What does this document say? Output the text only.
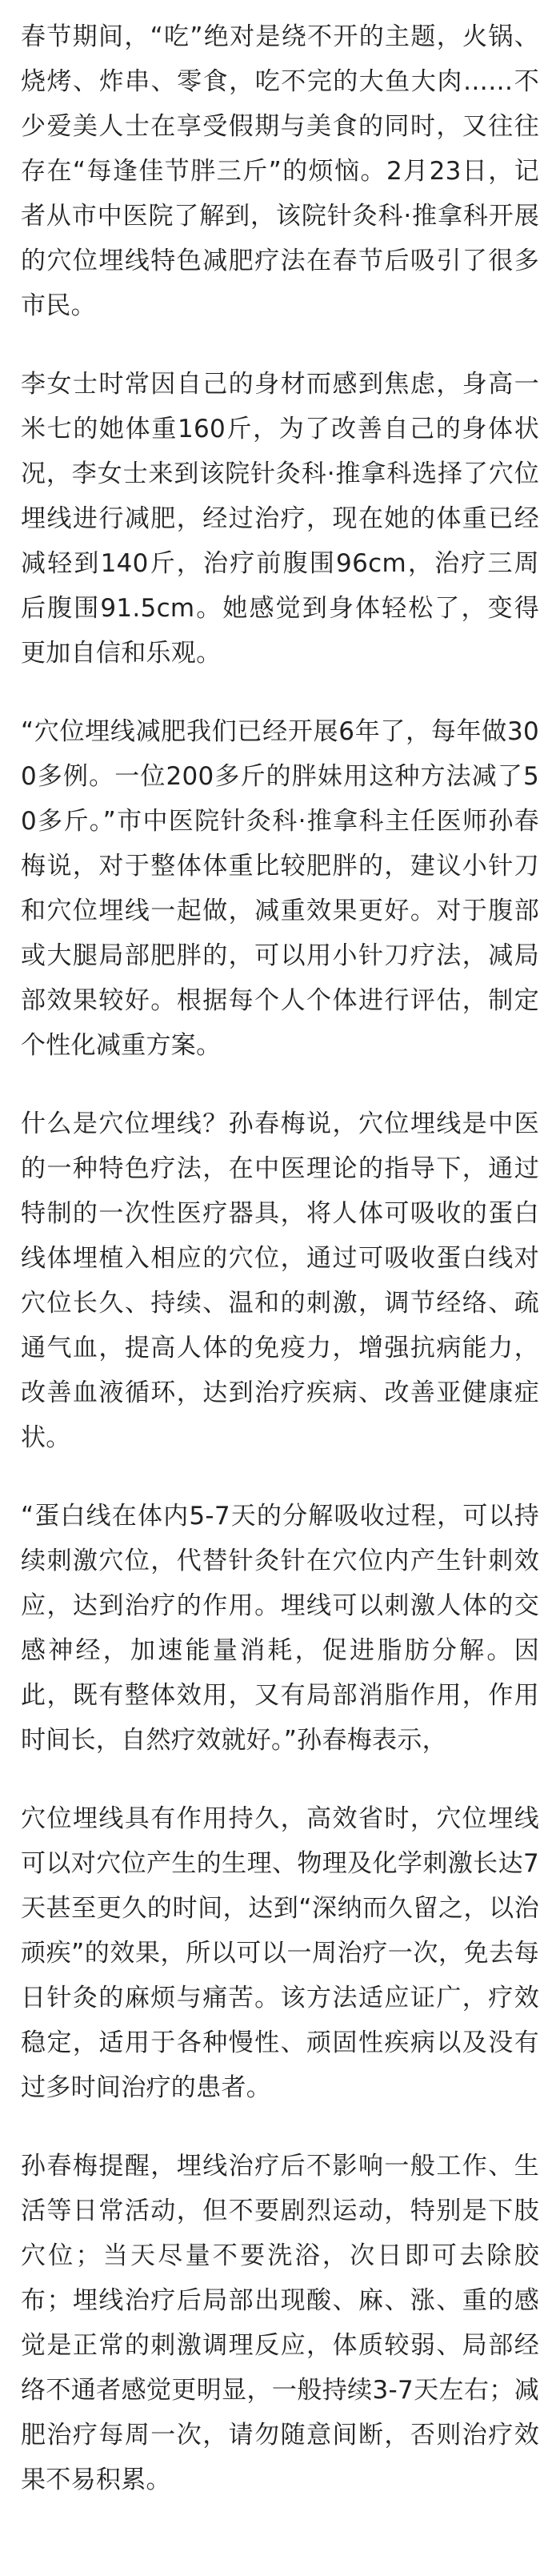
春节期间，“吃”绝对是绕不开的主题，火锅、烧烤、炸串、零食，吃不完的大鱼大肉……不少爱美人士在享受假期与美食的同时，又往往存在“每逢佳节胖三斤”的烦恼。2月23日，记者从市中医院了解到，该院针灸科·推拿科开展的穴位埋线特色减肥疗法在春节后吸引了很多市民。

李女士时常因自己的身材而感到焦虑，身高一米七的她体重160斤，为了改善自己的身体状况，李女士来到该院针灸科·推拿科选择了穴位埋线进行减肥，经过治疗，现在她的体重已经减轻到140斤，治疗前腹围96cm，治疗三周后腹围91.5cm。她感觉到身体轻松了，变得更加自信和乐观。

“穴位埋线减肥我们已经开展6年了，每年做300多例。一位200多斤的胖妹用这种方法减了50多斤。”市中医院针灸科·推拿科主任医师孙春梅说，对于整体体重比较肥胖的，建议小针刀和穴位埋线一起做，减重效果更好。对于腹部或大腿局部肥胖的，可以用小针刀疗法，减局部效果较好。根据每个人个体进行评估，制定个性化减重方案。

什么是穴位埋线？孙春梅说，穴位埋线是中医的一种特色疗法，在中医理论的指导下，通过特制的一次性医疗器具，将人体可吸收的蛋白线体埋植入相应的穴位，通过可吸收蛋白线对穴位长久、持续、温和的刺激，调节经络、疏通气血，提高人体的免疫力，增强抗病能力，改善血液循环，达到治疗疾病、改善亚健康症状。

“蛋白线在体内5-7天的分解吸收过程，可以持续刺激穴位，代替针灸针在穴位内产生针刺效应，达到治疗的作用。埋线可以刺激人体的交感神经，加速能量消耗，促进脂肪分解。因此，既有整体效用，又有局部消脂作用，作用时间长，自然疗效就好。”孙春梅表示，

穴位埋线具有作用持久，高效省时，穴位埋线可以对穴位产生的生理、物理及化学刺激长达7天甚至更久的时间，达到“深纳而久留之，以治顽疾”的效果，所以可以一周治疗一次，免去每日针灸的麻烦与痛苦。该方法适应证广，疗效稳定，适用于各种慢性、顽固性疾病以及没有过多时间治疗的患者。

孙春梅提醒，埋线治疗后不影响一般工作、生活等日常活动，但不要剧烈运动，特别是下肢穴位；当天尽量不要洗浴，次日即可去除胶布；埋线治疗后局部出现酸、麻、涨、重的感觉是正常的刺激调理反应，体质较弱、局部经络不通者感觉更明显，一般持续3-7天左右；减肥治疗每周一次，请勿随意间断，否则治疗效果不易积累。
